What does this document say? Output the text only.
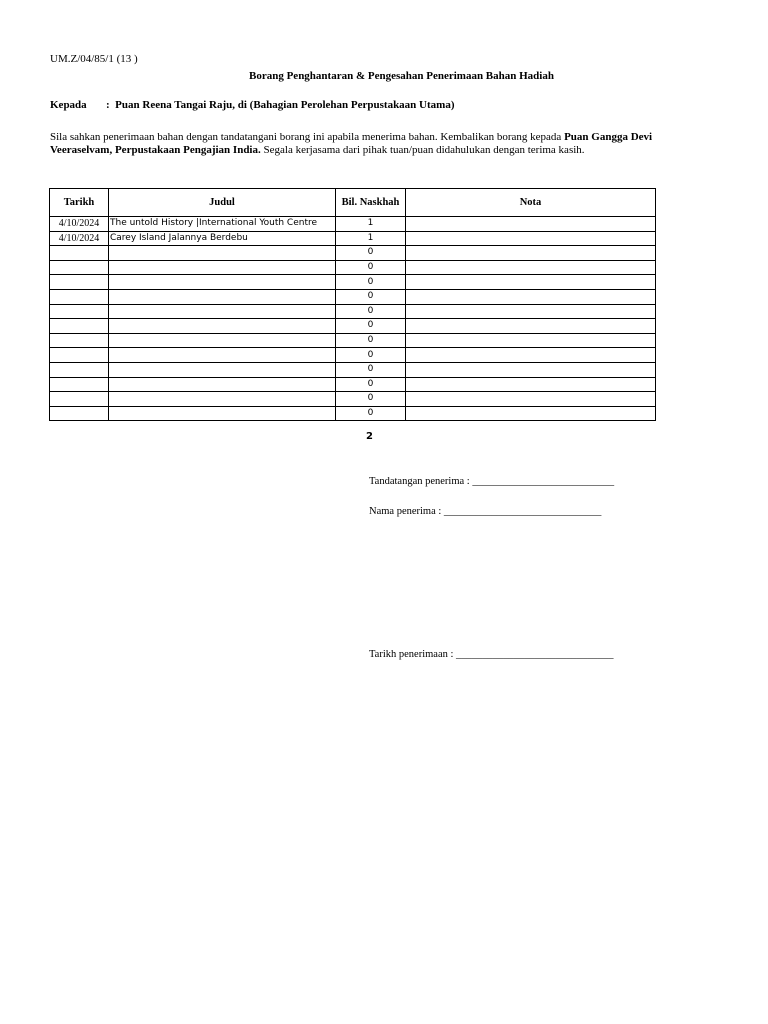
UM.Z/04/85/1 (13 )
Borang Penghantaran & Pengesahan Penerimaan Bahan Hadiah
Kepada : Puan Reena Tangai Raju, di (Bahagian Perolehan Perpustakaan Utama)
Sila sahkan penerimaan bahan dengan tandatangani borang ini apabila menerima bahan. Kembalikan borang kepada Puan Gangga Devi Veeraselvam, Perpustakaan Pengajian India. Segala kerjasama dari pihak tuan/puan didahulukan dengan terima kasih.
Tarikh	Judul	Bil. Naskhah	Nota
4/10/2024	The untold History |International Youth Centre	1	
4/10/2024	Carey Island Jalannya Berdebu	1	
		0	
		0	
		0	
		0	
		0	
		0	
		0	
		0	
		0	
		0	
		0	
		0	
2
Tandatangan penerima : ___________________________
Nama penerima : ______________________________
Tarikh penerimaan : ______________________________
